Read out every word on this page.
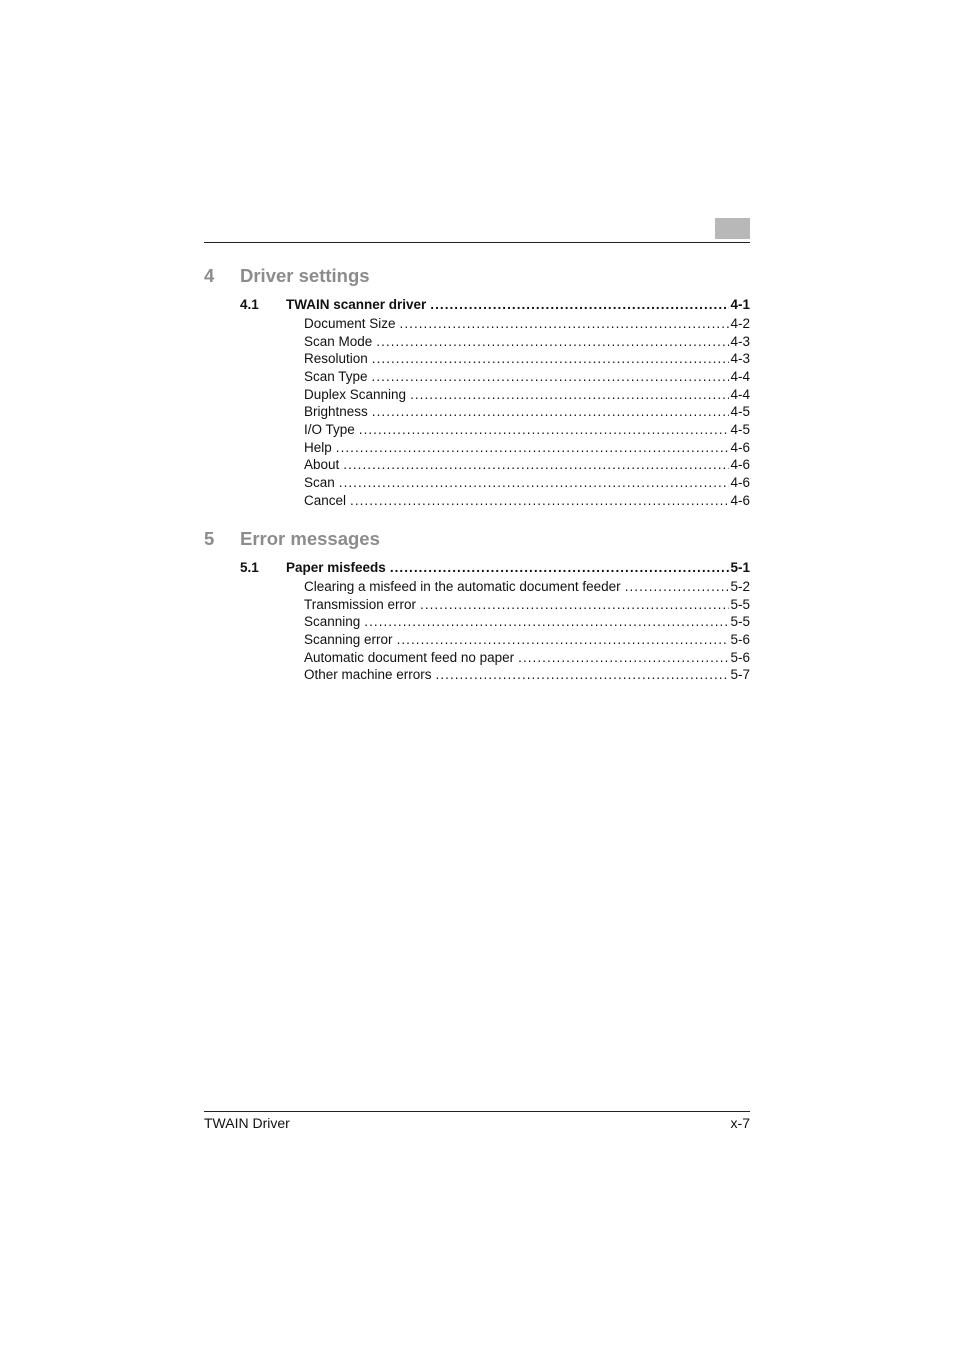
4 Driver settings
4.1 TWAIN scanner driver .....	4-1
Document Size .....	4-2
Scan Mode .....	4-3
Resolution .....	4-3
Scan Type .....	4-4
Duplex Scanning .....	4-4
Brightness .....	4-5
I/O Type .....	4-5
Help .....	4-6
About .....	4-6
Scan .....	4-6
Cancel .....	4-6
5 Error messages
5.1 Paper misfeeds .....	5-1
Clearing a misfeed in the automatic document feeder .....	5-2
Transmission error .....	5-5
Scanning .....	5-5
Scanning error .....	5-6
Automatic document feed no paper .....	5-6
Other machine errors .....	5-7
TWAIN Driver	x-7
